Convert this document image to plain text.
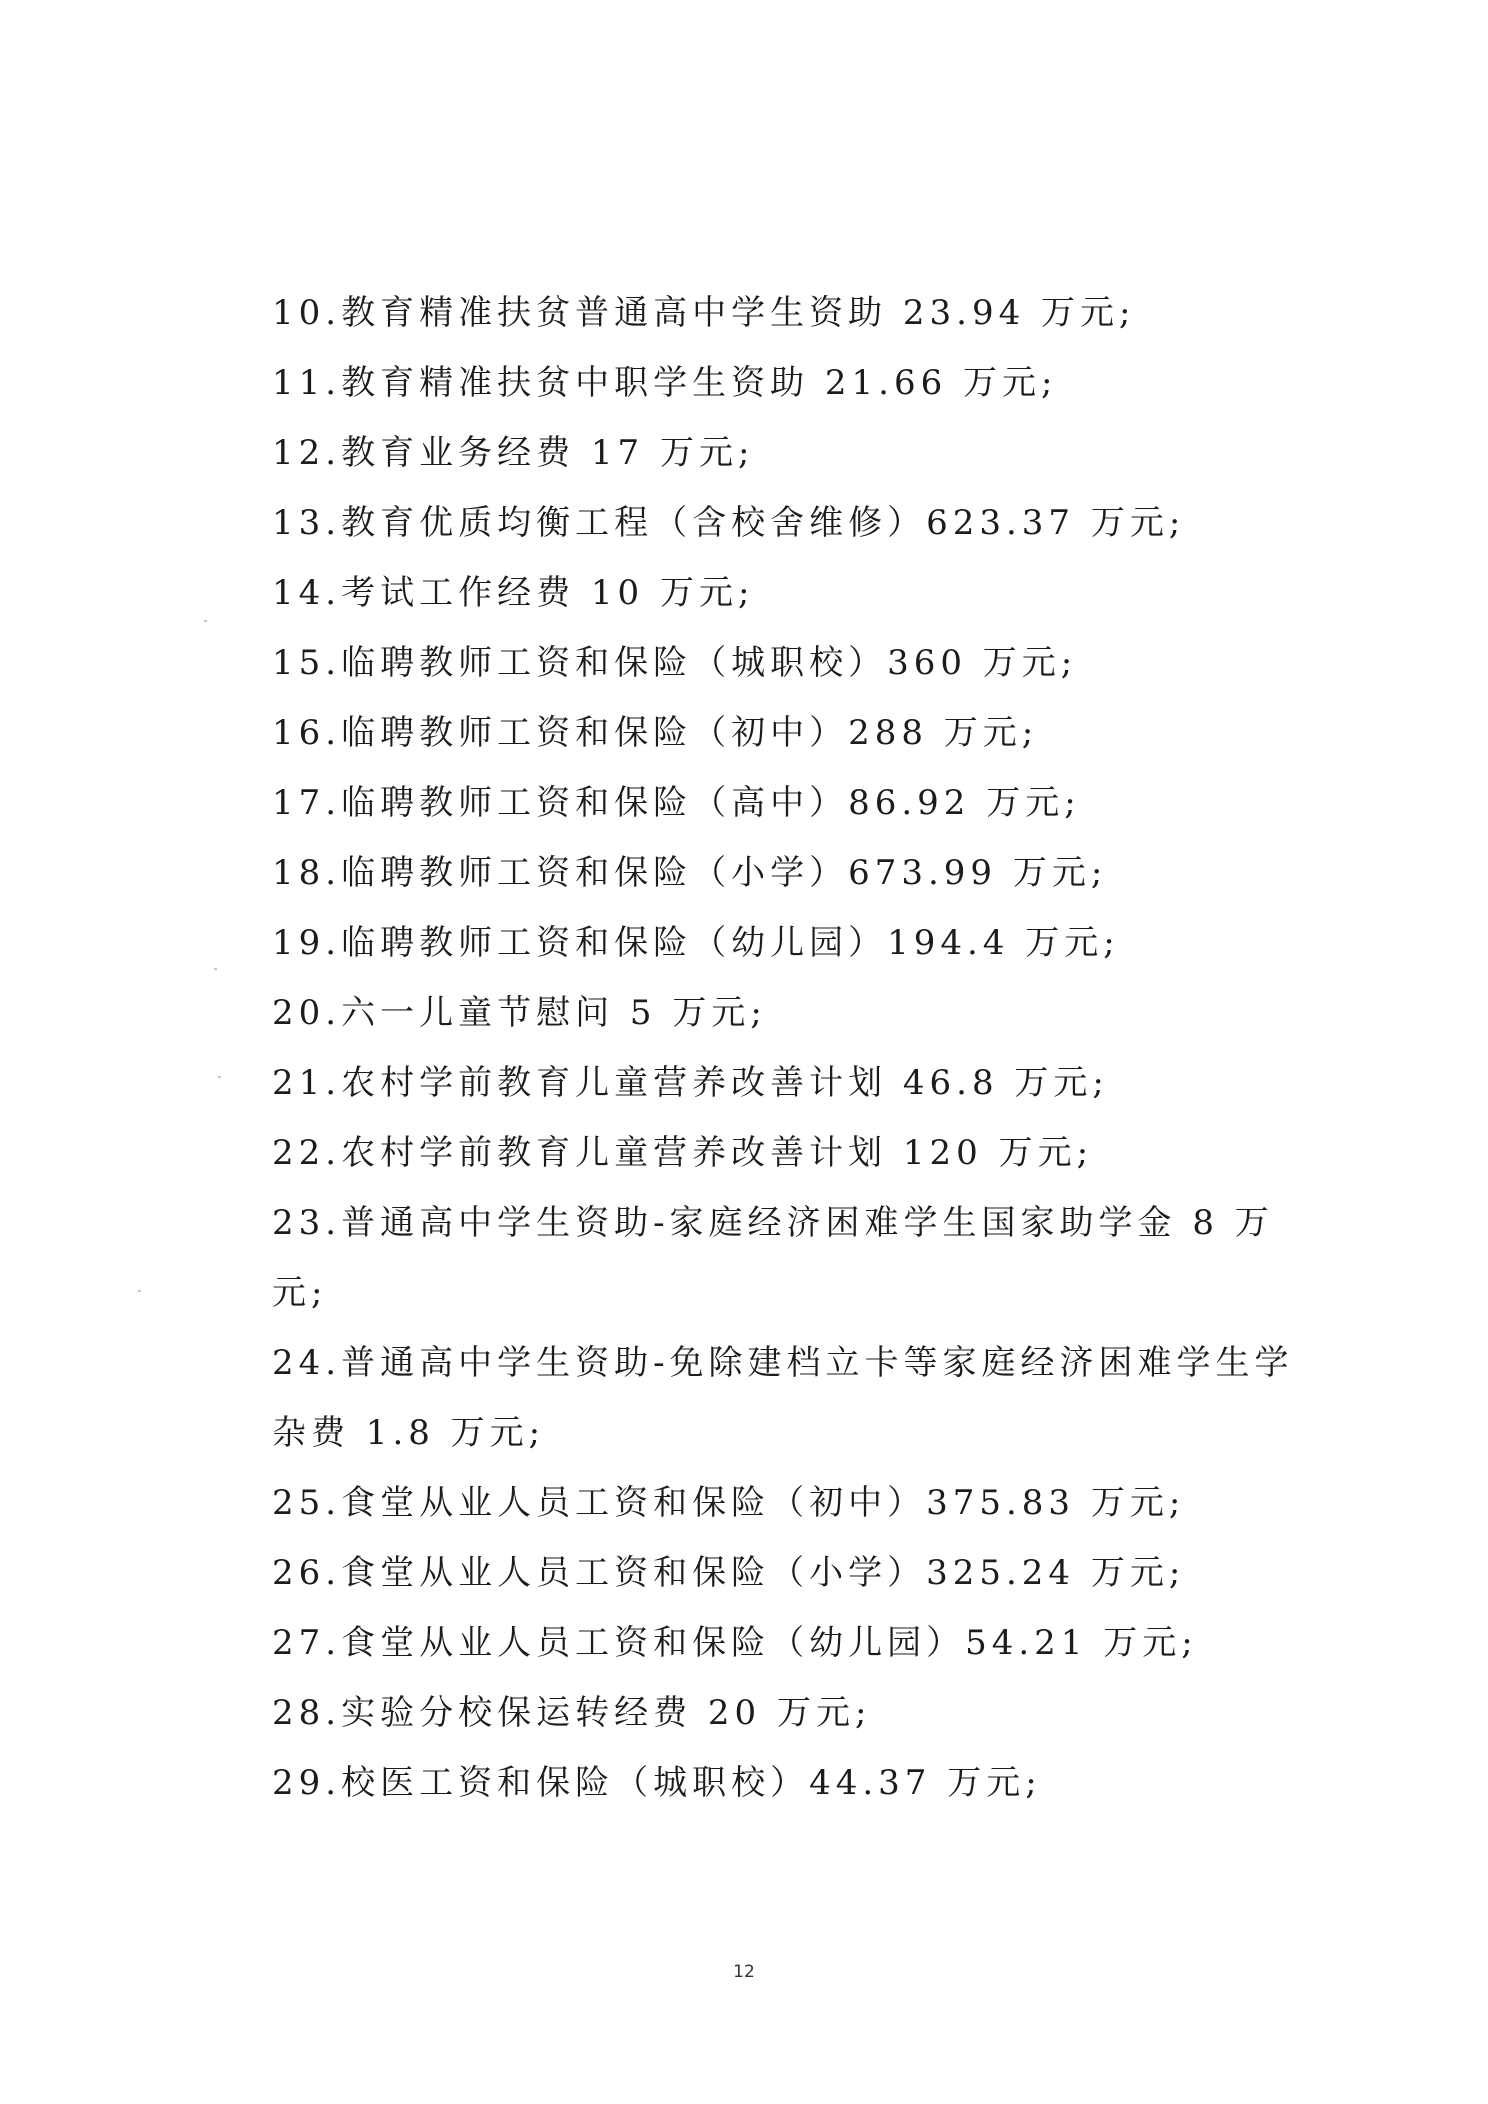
10.教育精准扶贫普通高中学生资助 23.94 万元;

11.教育精准扶贫中职学生资助 21.66 万元;

12.教育业务经费 17 万元;

13.教育优质均衡工程（含校舍维修）623.37 万元;

14.考试工作经费 10 万元;

15.临聘教师工资和保险（城职校）360 万元;

16.临聘教师工资和保险（初中）288 万元;

17.临聘教师工资和保险（高中）86.92 万元;

18.临聘教师工资和保险（小学）673.99 万元;

19.临聘教师工资和保险（幼儿园）194.4 万元;

20.六一儿童节慰问 5 万元;

21.农村学前教育儿童营养改善计划 46.8 万元;

22.农村学前教育儿童营养改善计划 120 万元;

23.普通高中学生资助-家庭经济困难学生国家助学金 8 万元;

24.普通高中学生资助-免除建档立卡等家庭经济困难学生学杂费 1.8 万元;

25.食堂从业人员工资和保险（初中）375.83 万元;

26.食堂从业人员工资和保险（小学）325.24 万元;

27.食堂从业人员工资和保险（幼儿园）54.21 万元;

28.实验分校保运转经费 20 万元;

29.校医工资和保险（城职校）44.37 万元;

12
